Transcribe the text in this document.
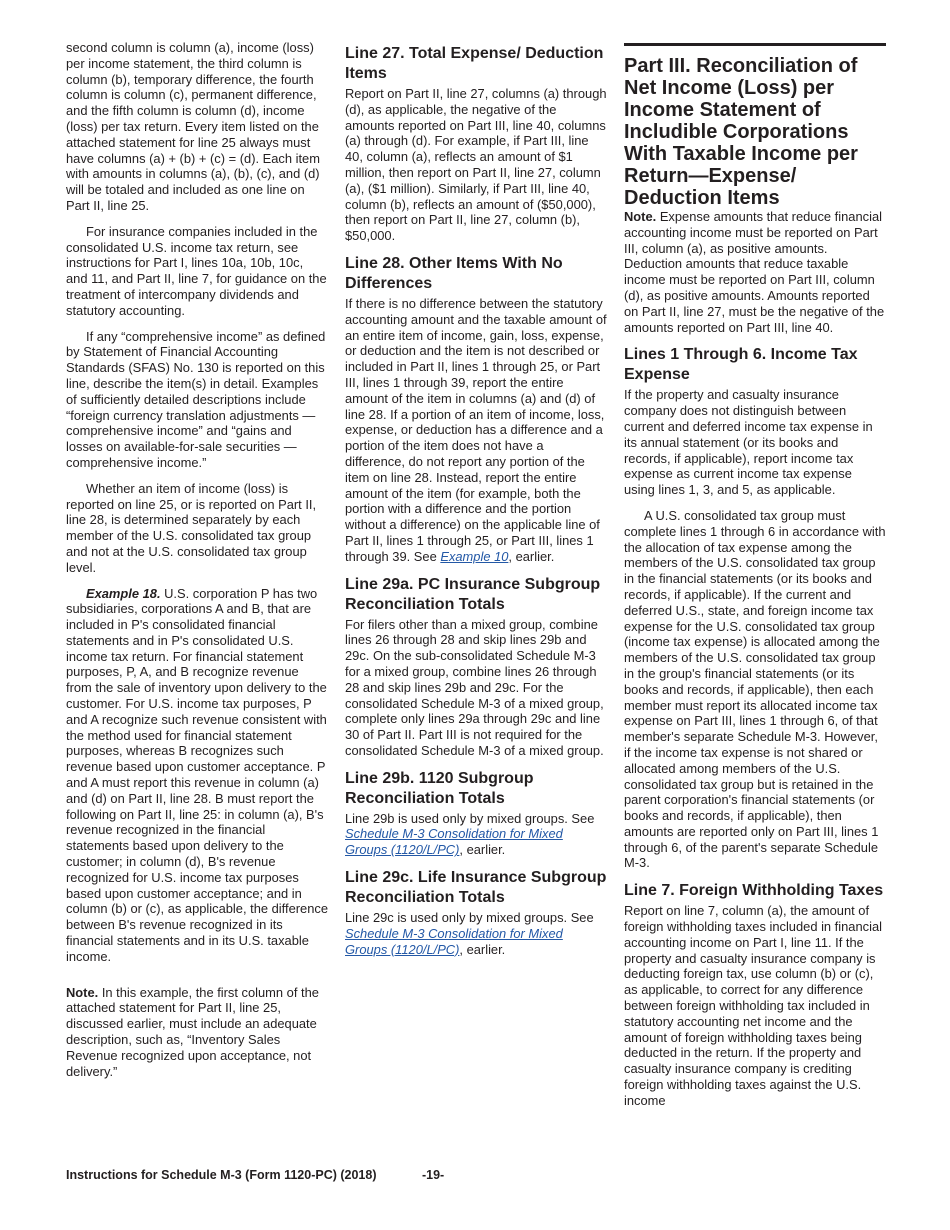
second column is column (a), income (loss) per income statement, the third column is column (b), temporary difference, the fourth column is column (c), permanent difference, and the fifth column is column (d), income (loss) per tax return. Every item listed on the attached statement for line 25 always must have columns (a) + (b) + (c) = (d). Each item with amounts in columns (a), (b), (c), and (d) will be totaled and included as one line on Part II, line 25.

For insurance companies included in the consolidated U.S. income tax return, see instructions for Part I, lines 10a, 10b, 10c, and 11, and Part II, line 7, for guidance on the treatment of intercompany dividends and statutory accounting.

If any “comprehensive income” as defined by Statement of Financial Accounting Standards (SFAS) No. 130 is reported on this line, describe the item(s) in detail. Examples of sufficiently detailed descriptions include “foreign currency translation adjustments — comprehensive income” and “gains and losses on available-for-sale securities — comprehensive income.”

Whether an item of income (loss) is reported on line 25, or is reported on Part II, line 28, is determined separately by each member of the U.S. consolidated tax group and not at the U.S. consolidated tax group level.

Example 18. U.S. corporation P has two subsidiaries, corporations A and B, that are included in P's consolidated financial statements and in P's consolidated U.S. income tax return. For financial statement purposes, P, A, and B recognize revenue from the sale of inventory upon delivery to the customer. For U.S. income tax purposes, P and A recognize such revenue consistent with the method used for financial statement purposes, whereas B recognizes such revenue based upon customer acceptance. P and A must report this revenue in column (a) and (d) on Part II, line 28. B must report the following on Part II, line 25: in column (a), B's revenue recognized in the financial statements based upon delivery to the customer; in column (d), B's revenue recognized for U.S. income tax purposes based upon customer acceptance; and in column (b) or (c), as applicable, the difference between B's revenue recognized in its financial statements and in its U.S. taxable income.

Note. In this example, the first column of the attached statement for Part II, line 25, discussed earlier, must include an adequate description, such as, “Inventory Sales Revenue recognized upon acceptance, not delivery.”

Line 27. Total Expense/ Deduction Items

Report on Part II, line 27, columns (a) through (d), as applicable, the negative of the amounts reported on Part III, line 40, columns (a) through (d). For example, if Part III, line 40, column (a), reflects an amount of $1 million, then report on Part II, line 27, column (a), ($1 million). Similarly, if Part III, line 40, column (b), reflects an amount of ($50,000), then report on Part II, line 27, column (b), $50,000.

Line 28. Other Items With No Differences

If there is no difference between the statutory accounting amount and the taxable amount of an entire item of income, gain, loss, expense, or deduction and the item is not described or included in Part II, lines 1 through 25, or Part III, lines 1 through 39, report the entire amount of the item in columns (a) and (d) of line 28. If a portion of an item of income, loss, expense, or deduction has a difference and a portion of the item does not have a difference, do not report any portion of the item on line 28. Instead, report the entire amount of the item (for example, both the portion with a difference and the portion without a difference) on the applicable line of Part II, lines 1 through 25, or Part III, lines 1 through 39. See Example 10, earlier.

Line 29a. PC Insurance Subgroup Reconciliation Totals

For filers other than a mixed group, combine lines 26 through 28 and skip lines 29b and 29c. On the sub-consolidated Schedule M-3 for a mixed group, combine lines 26 through 28 and skip lines 29b and 29c. For the consolidated Schedule M-3 of a mixed group, complete only lines 29a through 29c and line 30 of Part II. Part III is not required for the consolidated Schedule M-3 of a mixed group.

Line 29b. 1120 Subgroup Reconciliation Totals

Line 29b is used only by mixed groups. See Schedule M-3 Consolidation for Mixed Groups (1120/L/PC), earlier.

Line 29c. Life Insurance Subgroup Reconciliation Totals

Line 29c is used only by mixed groups. See Schedule M-3 Consolidation for Mixed Groups (1120/L/PC), earlier.

Part III. Reconciliation of Net Income (Loss) per Income Statement of Includible Corporations With Taxable Income per Return—Expense/ Deduction Items

Note. Expense amounts that reduce financial accounting income must be reported on Part III, column (a), as positive amounts. Deduction amounts that reduce taxable income must be reported on Part III, column (d), as positive amounts. Amounts reported on Part II, line 27, must be the negative of the amounts reported on Part III, line 40.

Lines 1 Through 6. Income Tax Expense

If the property and casualty insurance company does not distinguish between current and deferred income tax expense in its annual statement (or its books and records, if applicable), report income tax expense as current income tax expense using lines 1, 3, and 5, as applicable.

A U.S. consolidated tax group must complete lines 1 through 6 in accordance with the allocation of tax expense among the members of the U.S. consolidated tax group in the financial statements (or its books and records, if applicable). If the current and deferred U.S., state, and foreign income tax expense for the U.S. consolidated tax group (income tax expense) is allocated among the members of the U.S. consolidated tax group in the group's financial statements (or its books and records, if applicable), then each member must report its allocated income tax expense on Part III, lines 1 through 6, of that member's separate Schedule M-3. However, if the income tax expense is not shared or allocated among members of the U.S. consolidated tax group but is retained in the parent corporation's financial statements (or books and records, if applicable), then amounts are reported only on Part III, lines 1 through 6, of the parent's separate Schedule M-3.

Line 7. Foreign Withholding Taxes

Report on line 7, column (a), the amount of foreign withholding taxes included in financial accounting income on Part I, line 11. If the property and casualty insurance company is deducting foreign tax, use column (b) or (c), as applicable, to correct for any difference between foreign withholding tax included in statutory accounting net income and the amount of foreign withholding taxes being deducted in the return. If the property and casualty insurance company is crediting foreign withholding taxes against the U.S. income

Instructions for Schedule M-3 (Form 1120-PC) (2018)	-19-
